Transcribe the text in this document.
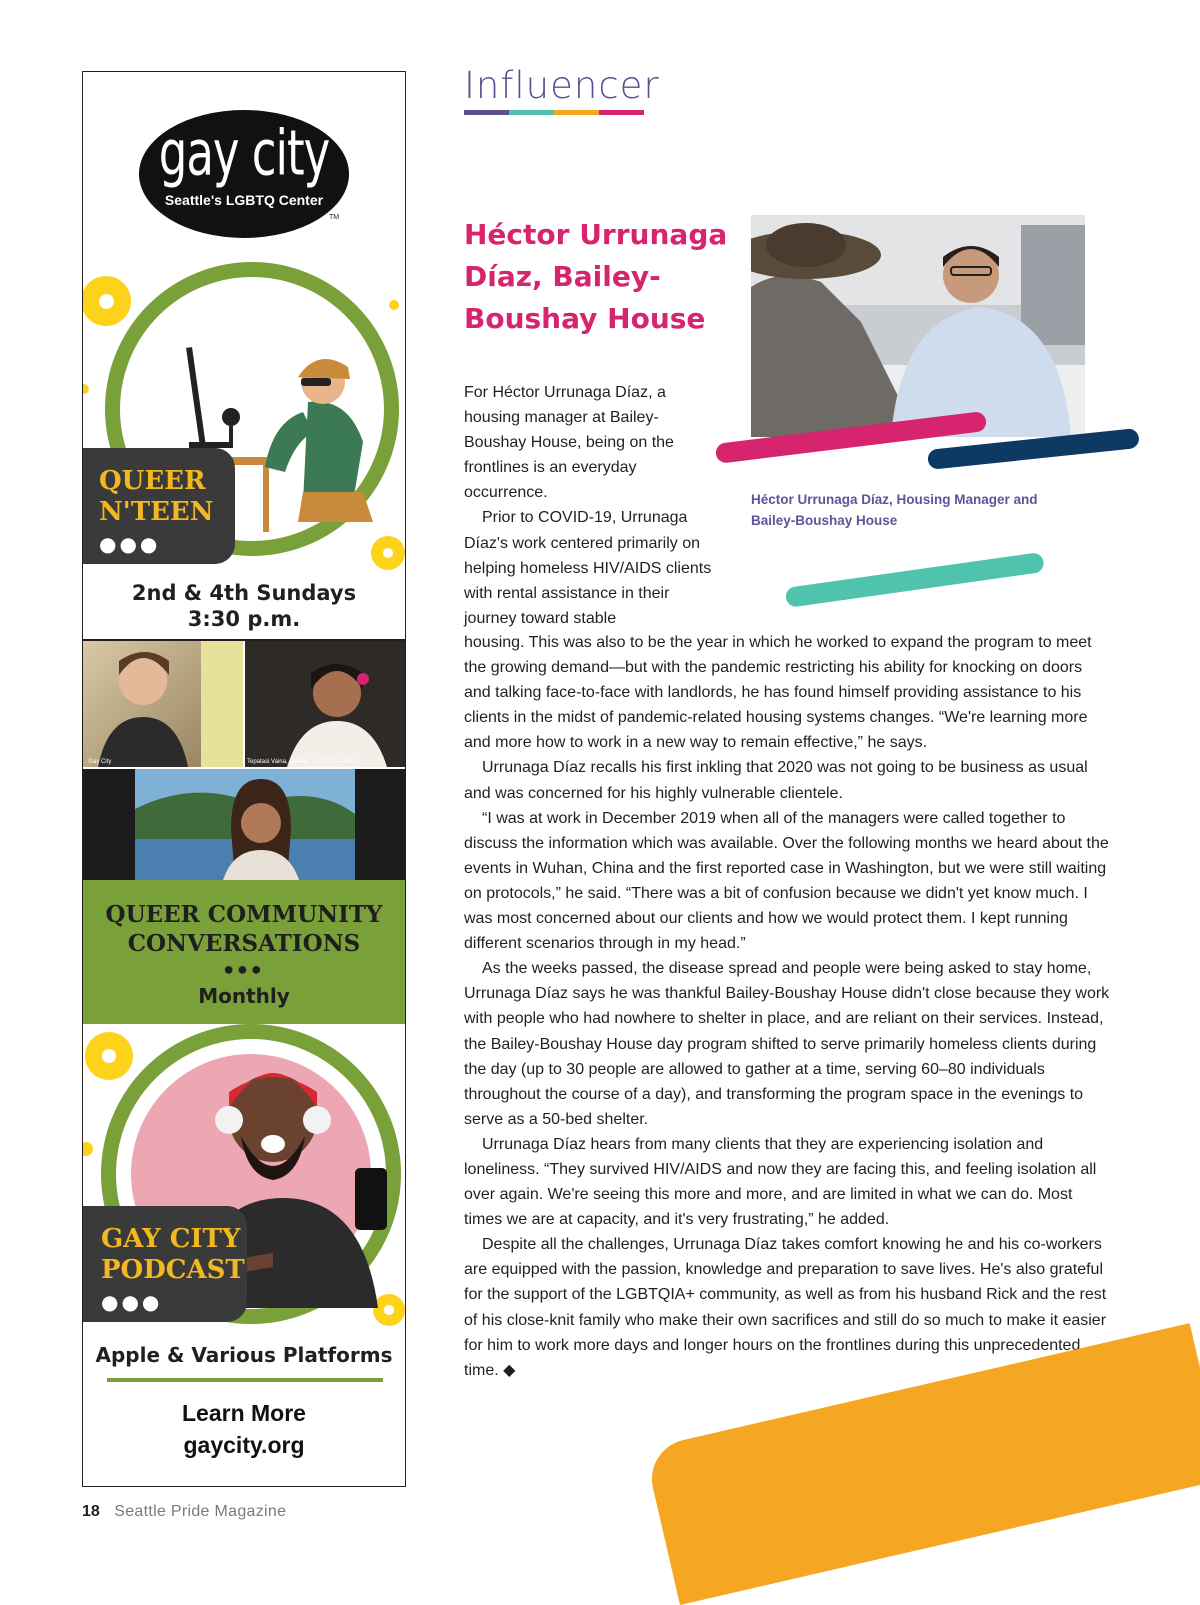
gay city
Seattle's LGBTQ Center
TM
QUEER
N'TEEN
●●●
2nd & 4th Sundays
3:30 p.m.
, Gay City	Tepatasi Vaina, she/her, U.T.O.P.I.A. Seat...
QUEER COMMUNITY
CONVERSATIONS
●●●
Monthly
GAY CITY
PODCAST
●●●
Apple & Various Platforms
Learn More
gaycity.org
Influencer
Héctor Urrunaga Díaz, Bailey-Boushay House
Héctor Urrunaga Díaz, Housing Manager and Bailey-Boushay House

For Héctor Urrunaga Díaz, a housing manager at Bailey-Boushay House, being on the frontlines is an everyday occurrence.

Prior to COVID-19, Urrunaga Díaz's work centered primarily on helping homeless HIV/AIDS clients with rental assistance in their journey toward stable

housing. This was also to be the year in which he worked to expand the program to meet the growing demand—but with the pandemic restricting his ability for knocking on doors and talking face-to-face with landlords, he has found himself providing assistance to his clients in the midst of pandemic-related housing systems changes. “We're learning more and more how to work in a new way to remain effective,” he says.

Urrunaga Díaz recalls his first inkling that 2020 was not going to be business as usual and was concerned for his highly vulnerable clientele.

“I was at work in December 2019 when all of the managers were called together to discuss the information which was available. Over the following months we heard about the events in Wuhan, China and the first reported case in Washington, but we were still waiting on protocols,” he said. “There was a bit of confusion because we didn't yet know much. I was most concerned about our clients and how we would protect them. I kept running different scenarios through in my head.”

As the weeks passed, the disease spread and people were being asked to stay home, Urrunaga Díaz says he was thankful Bailey-Boushay House didn't close because they work with people who had nowhere to shelter in place, and are reliant on their services. Instead, the Bailey-Boushay House day program shifted to serve primarily homeless clients during the day (up to 30 people are allowed to gather at a time, serving 60–80 individuals throughout the course of a day), and transforming the program space in the evenings to serve as a 50-bed shelter.

Urrunaga Díaz hears from many clients that they are experiencing isolation and loneliness. “They survived HIV/AIDS and now they are facing this, and feeling isolation all over again. We're seeing this more and more, and are limited in what we can do. Most times we are at capacity, and it's very frustrating,” he added.

Despite all the challenges, Urrunaga Díaz takes comfort knowing he and his co-workers are equipped with the passion, knowledge and preparation to save lives. He's also grateful for the support of the LGBTQIA+ community, as well as from his husband Rick and the rest of his close-knit family who make their own sacrifices and still do so much to make it easier for him to work more days and longer hours on the frontlines during this unprecedented time. ◆

18 Seattle Pride Magazine
